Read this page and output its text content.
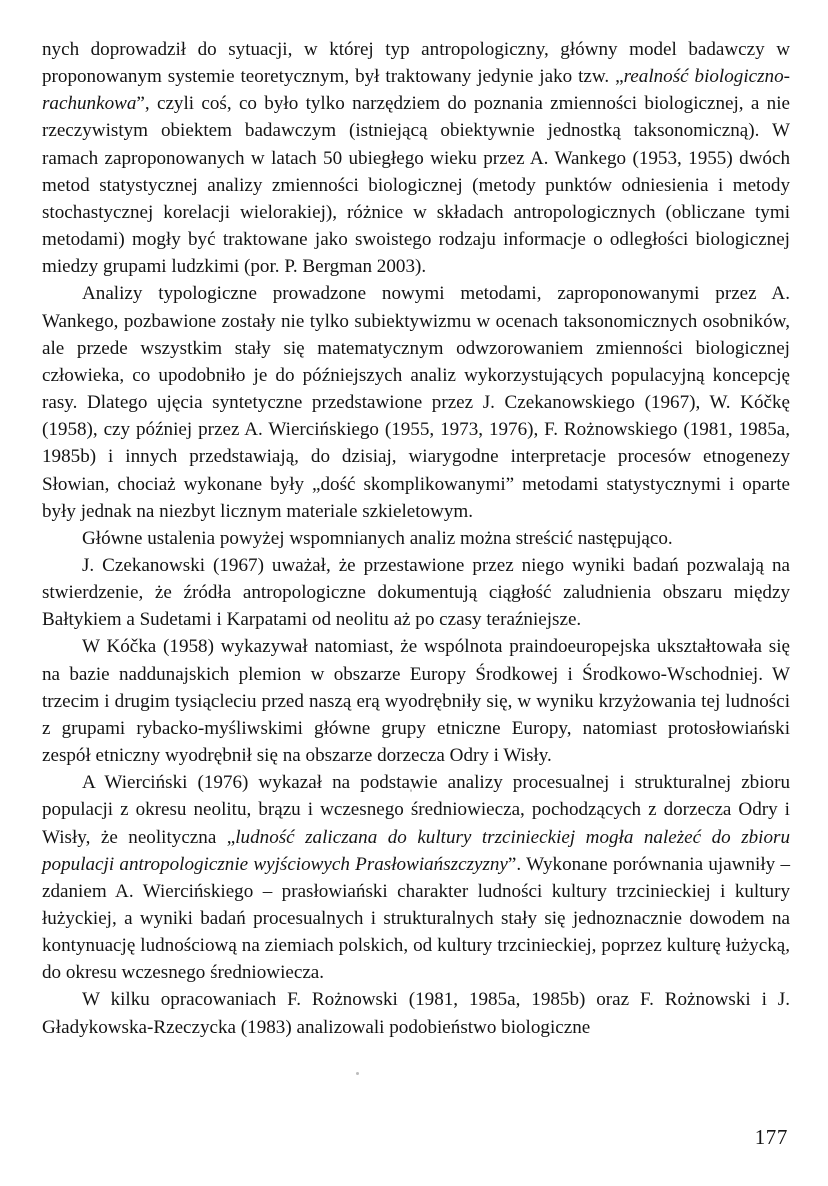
nych doprowadził do sytuacji, w której typ antropologiczny, główny model badawczy w proponowanym systemie teoretycznym, był traktowany jedynie jako tzw. „realność biologiczno-rachunkowa”, czyli coś, co było tylko narzędziem do poznania zmienności biologicznej, a nie rzeczywistym obiektem badawczym (istniejącą obiektywnie jednostką taksonomiczną). W ramach zaproponowanych w latach 50 ubiegłego wieku przez A. Wankego (1953, 1955) dwóch metod statystycznej analizy zmienności biologicznej (metody punktów odniesienia i metody stochastycznej korelacji wielorakiej), różnice w składach antropologicznych (obliczane tymi metodami) mogły być traktowane jako swoistego rodzaju informacje o odległości biologicznej miedzy grupami ludzkimi (por. P. Bergman 2003).

Analizy typologiczne prowadzone nowymi metodami, zaproponowanymi przez A. Wankego, pozbawione zostały nie tylko subiektywizmu w ocenach taksonomicznych osobników, ale przede wszystkim stały się matematycznym odwzorowaniem zmienności biologicznej człowieka, co upodobniło je do późniejszych analiz wykorzystujących populacyjną koncepcję rasy. Dlatego ujęcia syntetyczne przedstawione przez J. Czekanowskiego (1967), W. Kóčkę (1958), czy później przez A. Wiercińskiego (1955, 1973, 1976), F. Rożnowskiego (1981, 1985a, 1985b) i innych przedstawiają, do dzisiaj, wiarygodne interpretacje procesów etnogenezy Słowian, chociaż wykonane były „dość skomplikowanymi” metodami statystycznymi i oparte były jednak na niezbyt licznym materiale szkieletowym.

Główne ustalenia powyżej wspomnianych analiz można streścić następująco.

J. Czekanowski (1967) uważał, że przestawione przez niego wyniki badań pozwalają na stwierdzenie, że źródła antropologiczne dokumentują ciągłość zaludnienia obszaru między Bałtykiem a Sudetami i Karpatami od neolitu aż po czasy teraźniejsze.

W Kóčka (1958) wykazywał natomiast, że wspólnota praindoeuropejska ukształtowała się na bazie naddunajskich plemion w obszarze Europy Środkowej i Środkowo-Wschodniej. W trzecim i drugim tysiącleciu przed naszą erą wyodrębniły się, w wyniku krzyżowania tej ludności z grupami rybacko-myśliwskimi główne grupy etniczne Europy, natomiast protosłowiański zespół etniczny wyodrębnił się na obszarze dorzecza Odry i Wisły.

A Wierciński (1976) wykazał na podstawie analizy procesualnej i strukturalnej zbioru populacji z okresu neolitu, brązu i wczesnego średniowiecza, pochodzących z dorzecza Odry i Wisły, że neolityczna „ludność zaliczana do kultury trzcinieckiej mogła należeć do zbioru populacji antropologicznie wyjściowych Prasłowiańszczyzny”. Wykonane porównania ujawniły – zdaniem A. Wiercińskiego – prasłowiański charakter ludności kultury trzcinieckiej i kultury łużyckiej, a wyniki badań procesualnych i strukturalnych stały się jednoznacznie dowodem na kontynuację ludnościową na ziemiach polskich, od kultury trzcinieckiej, poprzez kulturę łużycką, do okresu wczesnego średniowiecza.

W kilku opracowaniach F. Rożnowski (1981, 1985a, 1985b) oraz F. Rożnowski i J. Gładykowska-Rzeczycka (1983) analizowali podobieństwo biologiczne

177
